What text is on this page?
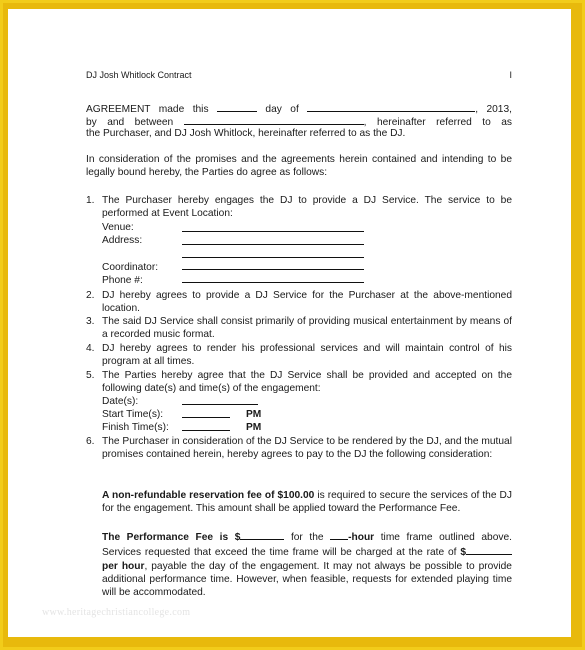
DJ Josh Whitlock Contract	I
AGREEMENT made this	day of	, 2013,
by and between	, hereinafter referred to as
the Purchaser, and DJ Josh Whitlock, hereinafter referred to as the DJ.
In consideration of the promises and the agreements herein contained and intending to be legally bound hereby, the Parties do agree as follows:
1. The Purchaser hereby engages the DJ to provide a DJ Service. The service to be performed at Event Location:
Venue:
Address:
Coordinator:
Phone #:
2. DJ hereby agrees to provide a DJ Service for the Purchaser at the above-mentioned location.
3. The said DJ Service shall consist primarily of providing musical entertainment by means of a recorded music format.
4. DJ hereby agrees to render his professional services and will maintain control of his program at all times.
5. The Parties hereby agree that the DJ Service shall be provided and accepted on the following date(s) and time(s) of the engagement:
Date(s):
Start Time(s):	PM
Finish Time(s):	PM
6. The Purchaser in consideration of the DJ Service to be rendered by the DJ, and the mutual promises contained herein, hereby agrees to pay to the DJ the following consideration:
A non-refundable reservation fee of $100.00 is required to secure the services of the DJ for the engagement. This amount shall be applied toward the Performance Fee.
The Performance Fee is $	for the -hour time frame outlined above. Services requested that exceed the time frame will be charged at the rate of $ per hour, payable the day of the engagement. It may not always be possible to provide additional performance time. However, when feasible, requests for extended playing time will be accommodated.
www.heritagechristiancollege.com
